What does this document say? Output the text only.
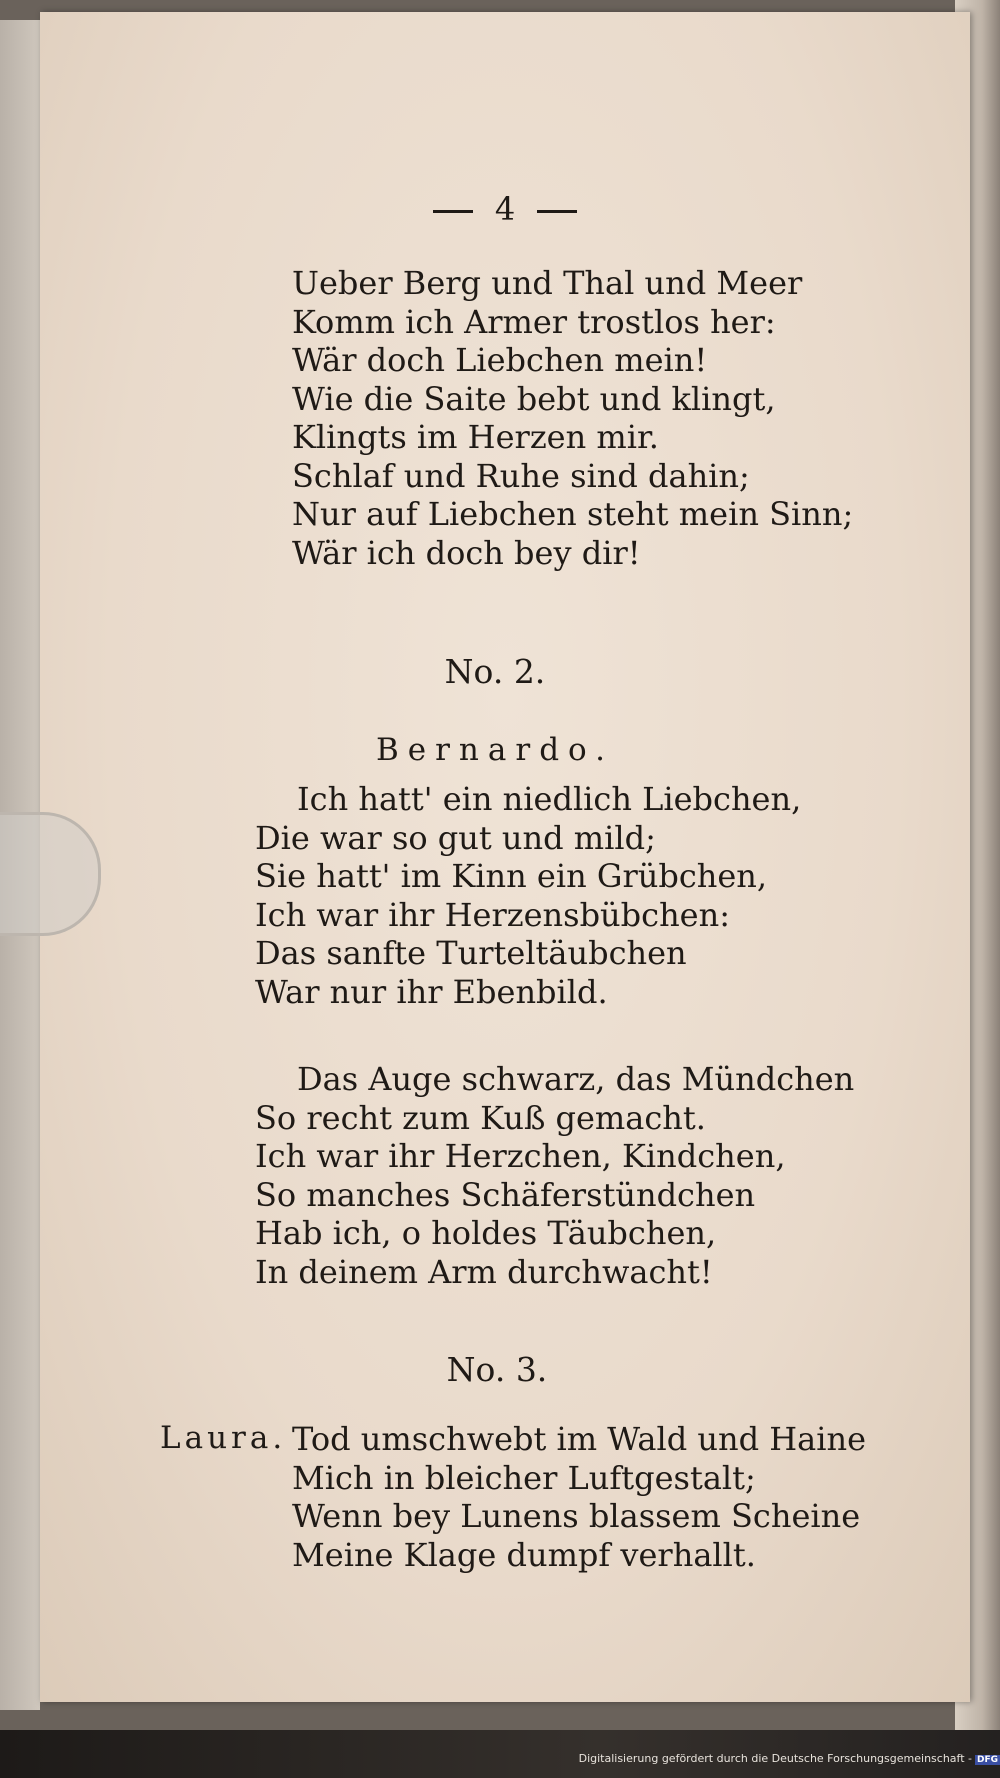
4
Ueber Berg und Thal und Meer
Komm ich Armer trostlos her:
Wär doch Liebchen mein!
Wie die Saite bebt und klingt,
Klingts im Herzen mir.
Schlaf und Ruhe sind dahin;
Nur auf Liebchen steht mein Sinn;
Wär ich doch bey dir!
No. 2.
Bernardo.
Ich hatt' ein niedlich Liebchen,
Die war so gut und mild;
Sie hatt' im Kinn ein Grübchen,
Ich war ihr Herzensbübchen:
Das sanfte Turteltäubchen
War nur ihr Ebenbild.
Das Auge schwarz, das Mündchen
So recht zum Kuß gemacht.
Ich war ihr Herzchen, Kindchen,
So manches Schäferstündchen
Hab ich, o holdes Täubchen,
In deinem Arm durchwacht!
No. 3.
Laura. Tod umschwebt im Wald und Haine
Mich in bleicher Luftgestalt;
Wenn bey Lunens blassem Scheine
Meine Klage dumpf verhallt.
Digitalisierung gefördert durch die Deutsche Forschungsgemeinschaft - DFG
